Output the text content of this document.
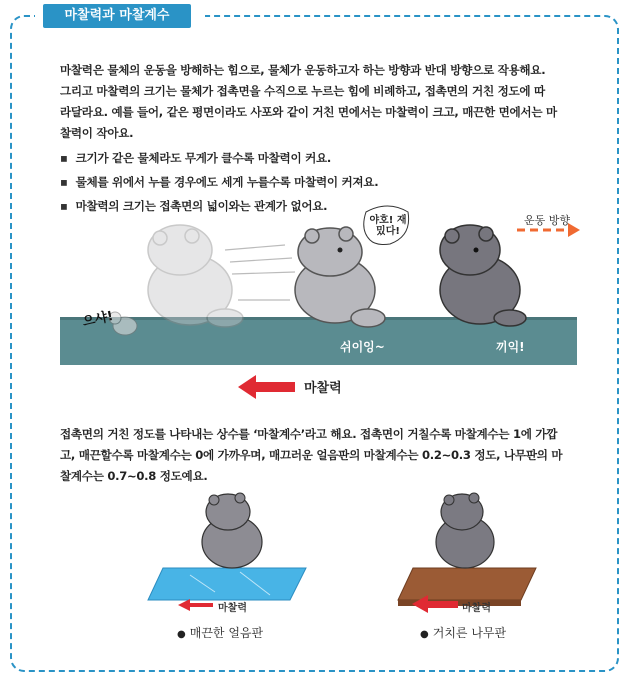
마찰력과 마찰계수

마찰력은 물체의 운동을 방해하는 힘으로, 물체가 운동하고자 하는 방향과 반대 방향으로 작용해요.
그리고 마찰력의 크기는 물체가 접촉면을 수직으로 누르는 힘에 비례하고, 접촉면의 거친 정도에 따
라달라요. 예를 들어, 같은 평면이라도 사포와 같이 거친 면에서는 마찰력이 크고, 매끈한 면에서는 마
찰력이 작아요.

▪ 크기가 같은 물체라도 무게가 클수록 마찰력이 커요.
▪ 물체를 위에서 누를 경우에도 세게 누를수록 마찰력이 커져요.
▪ 마찰력의 크기는 접촉면의 넓이와는 관계가 없어요.
운동 방향
마찰력
야호! 재밌다!
으샤!
쉬이잉~	끼익!

접촉면의 거친 정도를 나타내는 상수를 ‘마찰계수’라고 해요. 접촉면이 거칠수록 마찰계수는 1에 가깝
고, 매끈할수록 마찰계수는 0에 가까우며, 매끄러운 얼음판의 마찰계수는 0.2~0.3 정도, 나무판의 마
찰계수는 0.7~0.8 정도예요.

마찰력
● 매끈한 얼음판
마찰력
● 거치른 나무판
